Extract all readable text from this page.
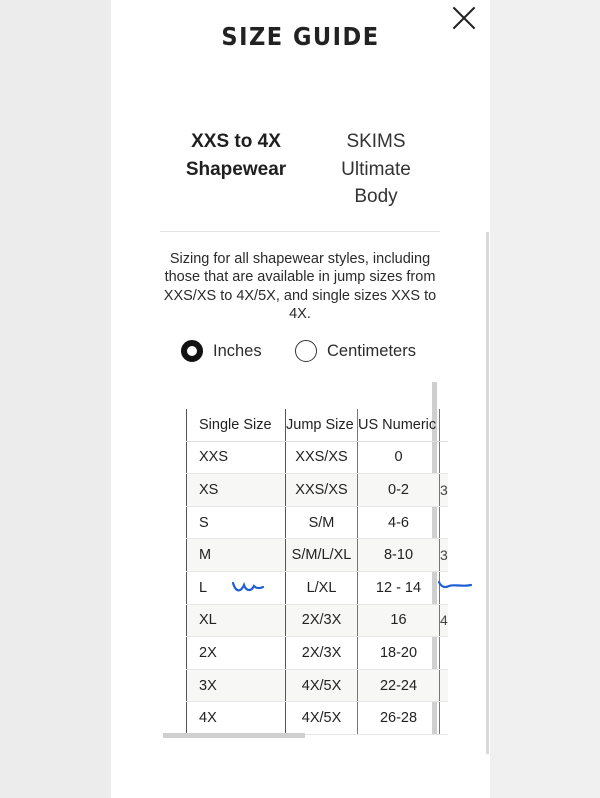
SIZE GUIDE
XXS to 4X
Shapewear
SKIMS
Ultimate
Body
Sizing for all shapewear styles, including those that are available in jump sizes from XXS/XS to 4X/5X, and single sizes XXS to 4X.
Inches	Centimeters
Single Size	Jump Size	US Numeric	
XXS	XXS/XS	0	
XS	XXS/XS	0-2	3
S	S/M	4-6	
M	S/M/L/XL	8-10	3
L	L/XL	12 - 14	
XL	2X/3X	16	4
2X	2X/3X	18-20	
3X	4X/5X	22-24	
4X	4X/5X	26-28	
